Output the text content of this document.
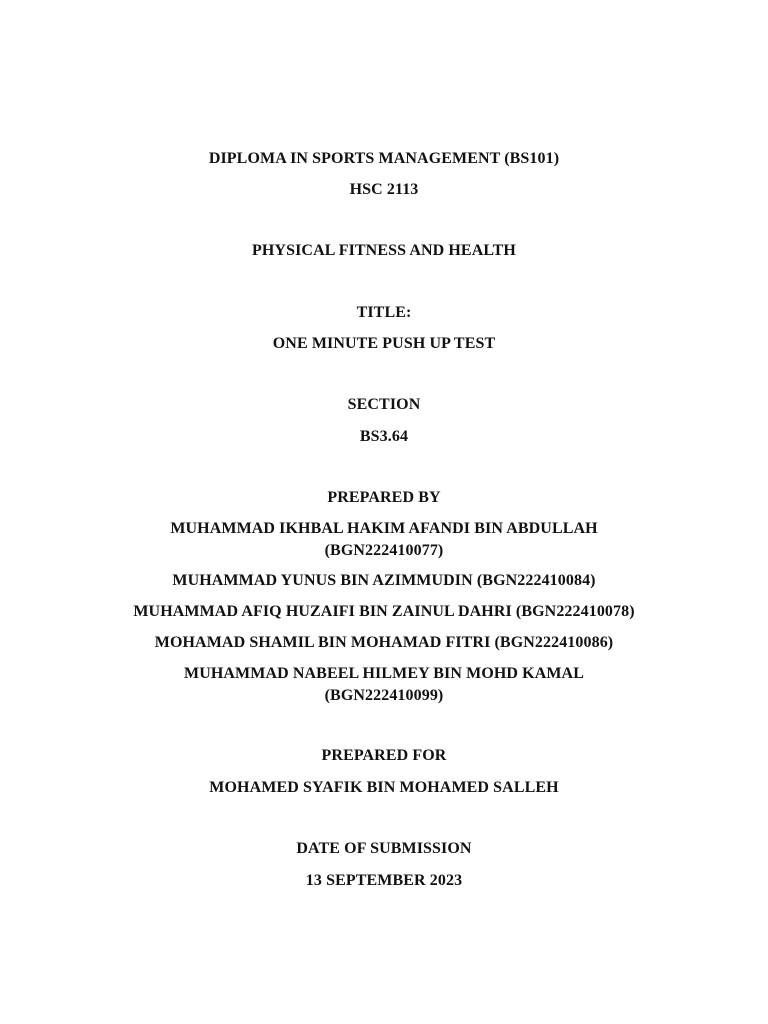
DIPLOMA IN SPORTS MANAGEMENT (BS101)
HSC 2113
PHYSICAL FITNESS AND HEALTH
TITLE:
ONE MINUTE PUSH UP TEST
SECTION
BS3.64
PREPARED BY
MUHAMMAD IKHBAL HAKIM AFANDI BIN ABDULLAH
(BGN222410077)
MUHAMMAD YUNUS BIN AZIMMUDIN (BGN222410084)
MUHAMMAD AFIQ HUZAIFI BIN ZAINUL DAHRI (BGN222410078)
MOHAMAD SHAMIL BIN MOHAMAD FITRI (BGN222410086)
MUHAMMAD NABEEL HILMEY BIN MOHD KAMAL
(BGN222410099)
PREPARED FOR
MOHAMED SYAFIK BIN MOHAMED SALLEH
DATE OF SUBMISSION
13 SEPTEMBER 2023
